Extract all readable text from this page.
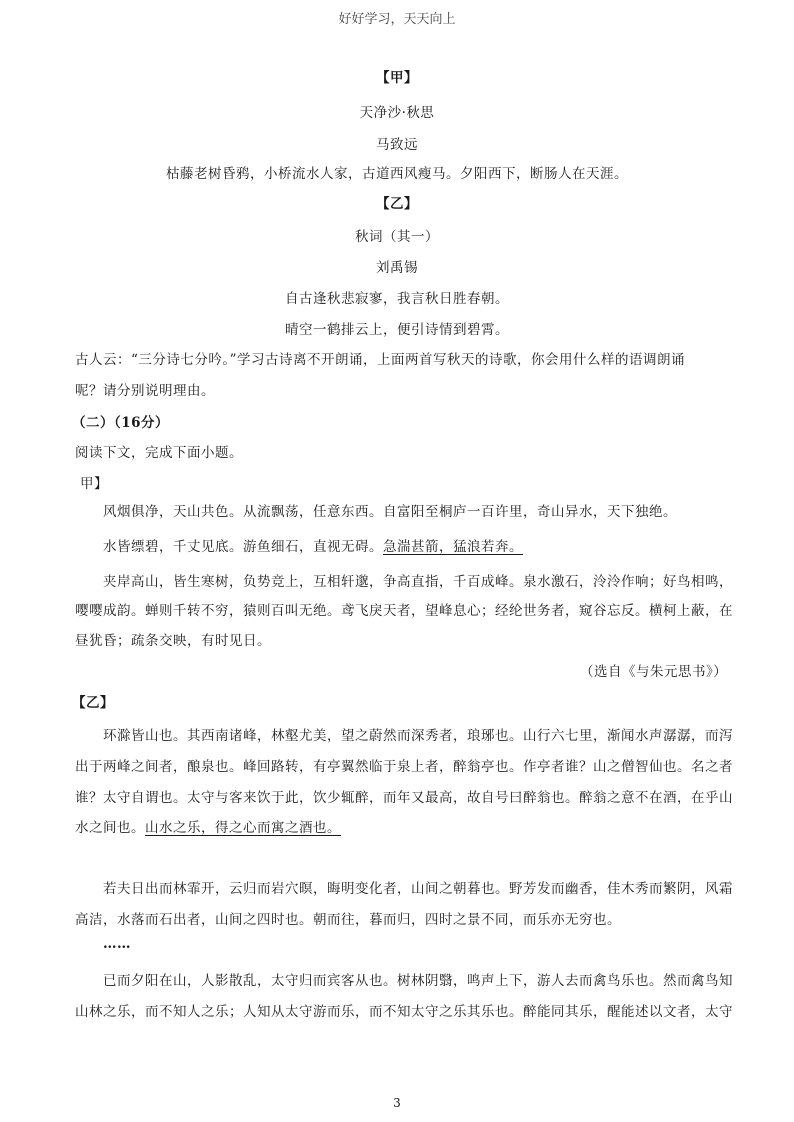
好好学习，天天向上
【甲】
天净沙·秋思
马致远
枯藤老树昏鸦，小桥流水人家，古道西风瘦马。夕阳西下，断肠人在天涯。
【乙】
秋词（其一）
刘禹锡
自古逢秋悲寂寥，我言秋日胜春朝。
晴空一鹤排云上，便引诗情到碧霄。
古人云：“三分诗七分吟。”学习古诗离不开朗诵，上面两首写秋天的诗歌，你会用什么样的语调朗诵
呢？请分别说明理由。
（二）（16分）
阅读下文，完成下面小题。
甲】
风烟俱净，天山共色。从流飘荡，任意东西。自富阳至桐庐一百许里，奇山异水，天下独绝。
水皆缥碧，千丈见底。游鱼细石，直视无碍。急湍甚箭，猛浪若奔。
夹岸高山，皆生寒树，负势竞上，互相轩邈，争高直指，千百成峰。泉水激石，泠泠作响；好鸟相鸣，
嘤嘤成韵。蝉则千转不穷，猿则百叫无绝。鸢飞戾天者，望峰息心；经纶世务者，窥谷忘反。横柯上蔽，在
昼犹昏；疏条交映，有时见日。
（选自《与朱元思书》）
【乙】
环滁皆山也。其西南诸峰，林壑尤美，望之蔚然而深秀者，琅琊也。山行六七里，渐闻水声潺潺，而泻
出于两峰之间者，酿泉也。峰回路转，有亭翼然临于泉上者，醉翁亭也。作亭者谁？山之僧智仙也。名之者
谁？太守自谓也。太守与客来饮于此，饮少辄醉，而年又最高，故自号曰醉翁也。醉翁之意不在酒，在乎山
水之间也。山水之乐，得之心而寓之酒也。
若夫日出而林霏开，云归而岩穴暝，晦明变化者，山间之朝暮也。野芳发而幽香，佳木秀而繁阴，风霜
高洁，水落而石出者，山间之四时也。朝而往，暮而归，四时之景不同，而乐亦无穷也。
……
已而夕阳在山，人影散乱，太守归而宾客从也。树林阴翳，鸣声上下，游人去而禽鸟乐也。然而禽鸟知
山林之乐，而不知人之乐；人知从太守游而乐，而不知太守之乐其乐也。醉能同其乐，醒能述以文者，太守
3
